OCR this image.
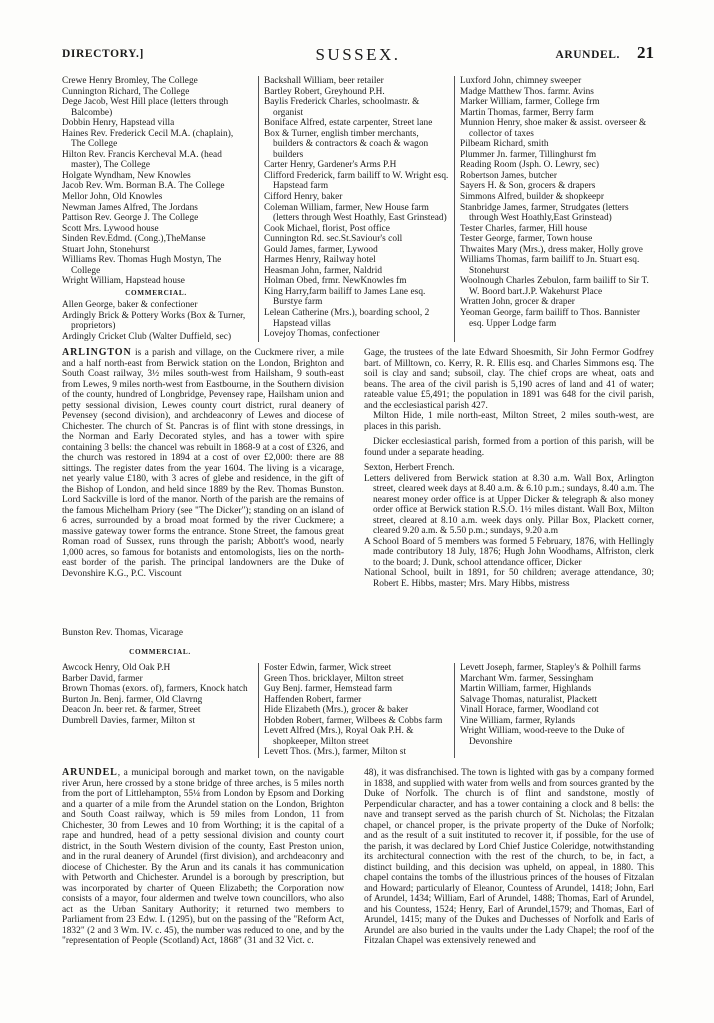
DIRECTORY.]	SUSSEX.	ARUNDEL. 21
Crewe Henry Bromley, The College
Cunnington Richard, The College
Dege Jacob, West Hill place (letters through Balcombe)
Dobbin Henry, Hapstead villa
Haines Rev. Frederick Cecil M.A. (chaplain), The College
Hilton Rev. Francis Kercheval M.A. (head master), The College
Holgate Wyndham, New Knowles
Jacob Rev. Wm. Borman B.A. The College
Mellor John, Old Knowles
Newman James Alfred, The Jordans
Pattison Rev. George J. The College
Scott Mrs. Lywood house
Sinden Rev.Edmd. (Cong.),TheManse
Stuart John, Stonehurst
Williams Rev. Thomas Hugh Mostyn, The College
Wright William, Hapstead house
COMMERCIAL.
Allen George, baker & confectioner
Ardingly Brick & Pottery Works (Box & Turner, proprietors)
Ardingly Cricket Club (Walter Duffield, sec)
Backshall William, beer retailer
Bartley Robert, Greyhound P.H.
Baylis Frederick Charles, schoolmastr. & organist
Boniface Alfred, estate carpenter, Street lane
Box & Turner, english timber merchants, builders & contractors & coach & wagon builders
Carter Henry, Gardener's Arms P.H
Clifford Frederick, farm bailiff to W. Wright esq. Hapstead farm
Cifford Henry, baker
Coleman William, farmer, New House farm (letters through West Hoathly, East Grinstead)
Cook Michael, florist, Post office
Cunnington Rd. sec.St.Saviour's coll
Gould James, farmer, Lywood
Harmes Henry, Railway hotel
Heasman John, farmer, Naldrid
Holman Obed, frmr. NewKnowles fm
King Harry,farm bailiff to James Lane esq. Burstye farm
Lelean Catherine (Mrs.), boarding school, 2 Hapstead villas
Lovejoy Thomas, confectioner
Luxford John, chimney sweeper
Madge Matthew Thos. farmr. Avins
Marker William, farmer, College frm
Martin Thomas, farmer, Berry farm
Munnion Henry, shoe maker & assist. overseer & collector of taxes
Pilbeam Richard, smith
Plummer Jn. farmer, Tillinghurst fm
Reading Room (Jsph. O. Lewry, sec)
Robertson James, butcher
Sayers H. & Son, grocers & drapers
Simmons Alfred, builder & shopkeepr
Stanbridge James, farmer, Strudgates (letters through West Hoathly,East Grinstead)
Tester Charles, farmer, Hill house
Tester George, farmer, Town house
Thwaites Mary (Mrs.), dress maker, Holly grove
Williams Thomas, farm bailiff to Jn. Stuart esq. Stonehurst
Woolnough Charles Zebulon, farm bailiff to Sir T. W. Boord bart.J.P. Wakehurst Place
Wratten John, grocer & draper
Yeoman George, farm bailiff to Thos. Bannister esq. Upper Lodge farm

ARLINGTON is a parish and village, on the Cuckmere river, a mile and a half north-east from Berwick station on the London, Brighton and South Coast railway, 3½ miles south-west from Hailsham, 9 south-east from Lewes, 9 miles north-west from Eastbourne, in the Southern division of the county, hundred of Longbridge, Pevensey rape, Hailsham union and petty sessional division, Lewes county court district, rural deanery of Pevensey (second division), and archdeaconry of Lewes and diocese of Chichester. The church of St. Pancras is of flint with stone dressings, in the Norman and Early Decorated styles, and has a tower with spire containing 3 bells: the chancel was rebuilt in 1868-9 at a cost of £326, and the church was restored in 1894 at a cost of over £2,000: there are 88 sittings. The register dates from the year 1604. The living is a vicarage, net yearly value £180, with 3 acres of glebe and residence, in the gift of the Bishop of London, and held since 1889 by the Rev. Thomas Bunston. Lord Sackville is lord of the manor. North of the parish are the remains of the famous Michelham Priory (see "The Dicker"); standing on an island of 6 acres, surrounded by a broad moat formed by the river Cuckmere; a massive gateway tower forms the entrance. Stone Street, the famous great Roman road of Sussex, runs through the parish; Abbott's wood, nearly 1,000 acres, so famous for botanists and entomologists, lies on the north-east border of the parish. The principal landowners are the Duke of Devonshire K.G., P.C. Viscount

Gage, the trustees of the late Edward Shoesmith, Sir John Fermor Godfrey bart. of Milltown, co. Kerry, R. R. Ellis esq. and Charles Simmons esq. The soil is clay and sand; subsoil, clay. The chief crops are wheat, oats and beans. The area of the civil parish is 5,190 acres of land and 41 of water; rateable value £5,491; the population in 1891 was 648 for the civil parish, and the ecclesiastical parish 427.

Milton Hide, 1 mile north-east, Milton Street, 2 miles south-west, are places in this parish.

Dicker ecclesiastical parish, formed from a portion of this parish, will be found under a separate heading.

Sexton, Herbert French.

Letters delivered from Berwick station at 8.30 a.m. Wall Box, Arlington street, cleared week days at 8.40 a.m. & 6.10 p.m.; sundays, 8.40 a.m. The nearest money order office is at Upper Dicker & telegraph & also money order office at Berwick station R.S.O. 1½ miles distant. Wall Box, Milton street, cleared at 8.10 a.m. week days only. Pillar Box, Plackett corner, cleared 9.20 a.m. & 5.50 p.m.; sundays, 9.20 a.m

A School Board of 5 members was formed 5 February, 1876, with Hellingly made contributory 18 July, 1876; Hugh John Woodhams, Alfriston, clerk to the board; J. Dunk, school attendance officer, Dicker

National School, built in 1891, for 50 children; average attendance, 30; Robert E. Hibbs, master; Mrs. Mary Hibbs, mistress

Bunston Rev. Thomas, Vicarage
COMMERCIAL.
Awcock Henry, Old Oak P.H
Barber David, farmer
Brown Thomas (exors. of), farmers, Knock hatch
Burton Jn. Benj. farmer, Old Clavrng
Deacon Jn. beer ret. & farmer, Street
Dumbrell Davies, farmer, Milton st
Foster Edwin, farmer, Wick street
Green Thos. bricklayer, Milton street
Guy Benj. farmer, Hemstead farm
Haffenden Robert, farmer
Hide Elizabeth (Mrs.), grocer & baker
Hobden Robert, farmer, Wilbees & Cobbs farm
Levett Alfred (Mrs.), Royal Oak P.H. & shopkeeper, Milton street
Levett Thos. (Mrs.), farmer, Milton st
Levett Joseph, farmer, Stapley's & Polhill farms
Marchant Wm. farmer, Sessingham
Martin William, farmer, Highlands
Salvage Thomas, naturalist, Plackett
Vinall Horace, farmer, Woodland cot
Vine William, farmer, Rylands
Wright William, wood-reeve to the Duke of Devonshire

ARUNDEL, a municipal borough and market town, on the navigable river Arun, here crossed by a stone bridge of three arches, is 5 miles north from the port of Littlehampton, 55¼ from London by Epsom and Dorking and a quarter of a mile from the Arundel station on the London, Brighton and South Coast railway, which is 59 miles from London, 11 from Chichester, 30 from Lewes and 10 from Worthing; it is the capital of a rape and hundred, head of a petty sessional division and county court district, in the South Western division of the county, East Preston union, and in the rural deanery of Arundel (first division), and archdeaconry and diocese of Chichester. By the Arun and its canals it has communication with Petworth and Chichester. Arundel is a borough by prescription, but was incorporated by charter of Queen Elizabeth; the Corporation now consists of a mayor, four aldermen and twelve town councillors, who also act as the Urban Sanitary Authority; it returned two members to Parliament from 23 Edw. I. (1295), but on the passing of the "Reform Act, 1832" (2 and 3 Wm. IV. c. 45), the number was reduced to one, and by the "representation of People (Scotland) Act, 1868" (31 and 32 Vict. c.

48), it was disfranchised. The town is lighted with gas by a company formed in 1838, and supplied with water from wells and from sources granted by the Duke of Norfolk. The church is of flint and sandstone, mostly of Perpendicular character, and has a tower containing a clock and 8 bells: the nave and transept served as the parish church of St. Nicholas; the Fitzalan chapel, or chancel proper, is the private property of the Duke of Norfolk; and as the result of a suit instituted to recover it, if possible, for the use of the parish, it was declared by Lord Chief Justice Coleridge, notwithstanding its architectural connection with the rest of the church, to be, in fact, a distinct building, and this decision was upheld, on appeal, in 1880. This chapel contains the tombs of the illustrious princes of the houses of Fitzalan and Howard; particularly of Eleanor, Countess of Arundel, 1418; John, Earl of Arundel, 1434; William, Earl of Arundel, 1488; Thomas, Earl of Arundel, and his Countess, 1524; Henry, Earl of Arundel,1579; and Thomas, Earl of Arundel, 1415; many of the Dukes and Duchesses of Norfolk and Earls of Arundel are also buried in the vaults under the Lady Chapel; the roof of the Fitzalan Chapel was extensively renewed and
